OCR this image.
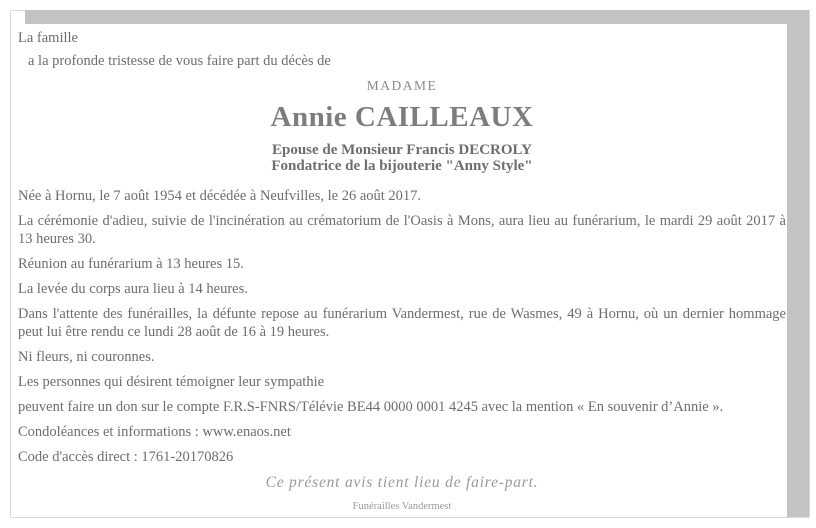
La famille

a la profonde tristesse de vous faire part du décès de

MADAME

Annie CAILLEAUX

Epouse de Monsieur Francis DECROLY

Fondatrice de la bijouterie "Anny Style"

Née à Hornu, le 7 août 1954 et décédée à Neufvilles, le 26 août 2017.

La cérémonie d'adieu, suivie de l'incinération au crématorium de l'Oasis à Mons, aura lieu au funérarium, le mardi 29 août 2017 à 13 heures 30.

Réunion au funérarium à 13 heures 15.

La levée du corps aura lieu à 14 heures.

Dans l'attente des funérailles, la défunte repose au funérarium Vandermest, rue de Wasmes, 49 à Hornu, où un dernier hommage peut lui être rendu ce lundi 28 août de 16 à 19 heures.

Ni fleurs, ni couronnes.

Les personnes qui désirent témoigner leur sympathie

peuvent faire un don sur le compte F.R.S-FNRS/Télévie BE44 0000 0001 4245 avec la mention « En souvenir d’Annie ».

Condoléances et informations : www.enaos.net

Code d'accès direct : 1761-20170826

Ce présent avis tient lieu de faire-part.

Funérailles Vandermest
